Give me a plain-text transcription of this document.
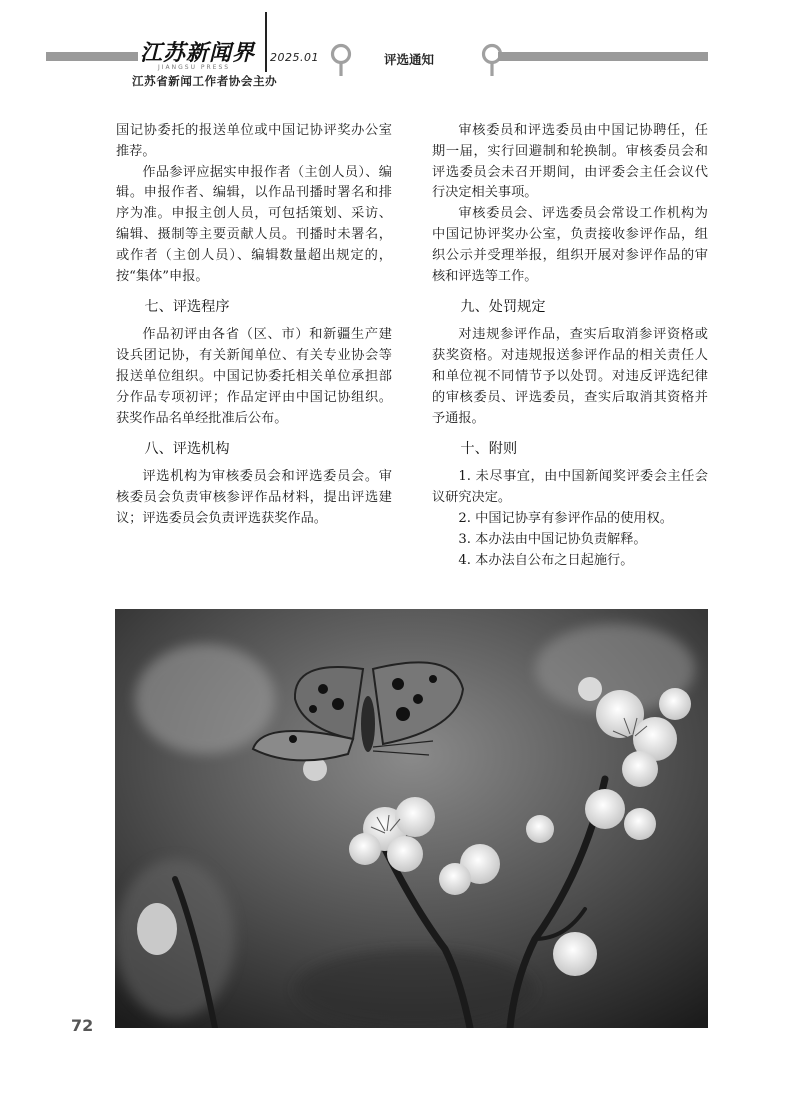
江苏新闻界
JIANGSU PRESS
2025.01
江苏省新闻工作者协会主办
评选通知

国记协委托的报送单位或中国记协评奖办公室推荐。

作品参评应据实申报作者（主创人员）、编辑。申报作者、编辑，以作品刊播时署名和排序为准。申报主创人员，可包括策划、采访、编辑、摄制等主要贡献人员。刊播时未署名，或作者（主创人员）、编辑数量超出规定的，按“集体”申报。

七、评选程序

作品初评由各省（区、市）和新疆生产建设兵团记协，有关新闻单位、有关专业协会等报送单位组织。中国记协委托相关单位承担部分作品专项初评；作品定评由中国记协组织。获奖作品名单经批准后公布。

八、评选机构

评选机构为审核委员会和评选委员会。审核委员会负责审核参评作品材料，提出评选建议；评选委员会负责评选获奖作品。

审核委员和评选委员由中国记协聘任，任期一届，实行回避制和轮换制。审核委员会和评选委员会未召开期间，由评委会主任会议代行决定相关事项。

审核委员会、评选委员会常设工作机构为中国记协评奖办公室，负责接收参评作品，组织公示并受理举报，组织开展对参评作品的审核和评选等工作。

九、处罚规定

对违规参评作品，查实后取消参评资格或获奖资格。对违规报送参评作品的相关责任人和单位视不同情节予以处罚。对违反评选纪律的审核委员、评选委员，查实后取消其资格并予通报。

十、附则

1. 未尽事宜，由中国新闻奖评委会主任会议研究决定。

2. 中国记协享有参评作品的使用权。

3. 本办法由中国记协负责解释。

4. 本办法自公布之日起施行。

72
